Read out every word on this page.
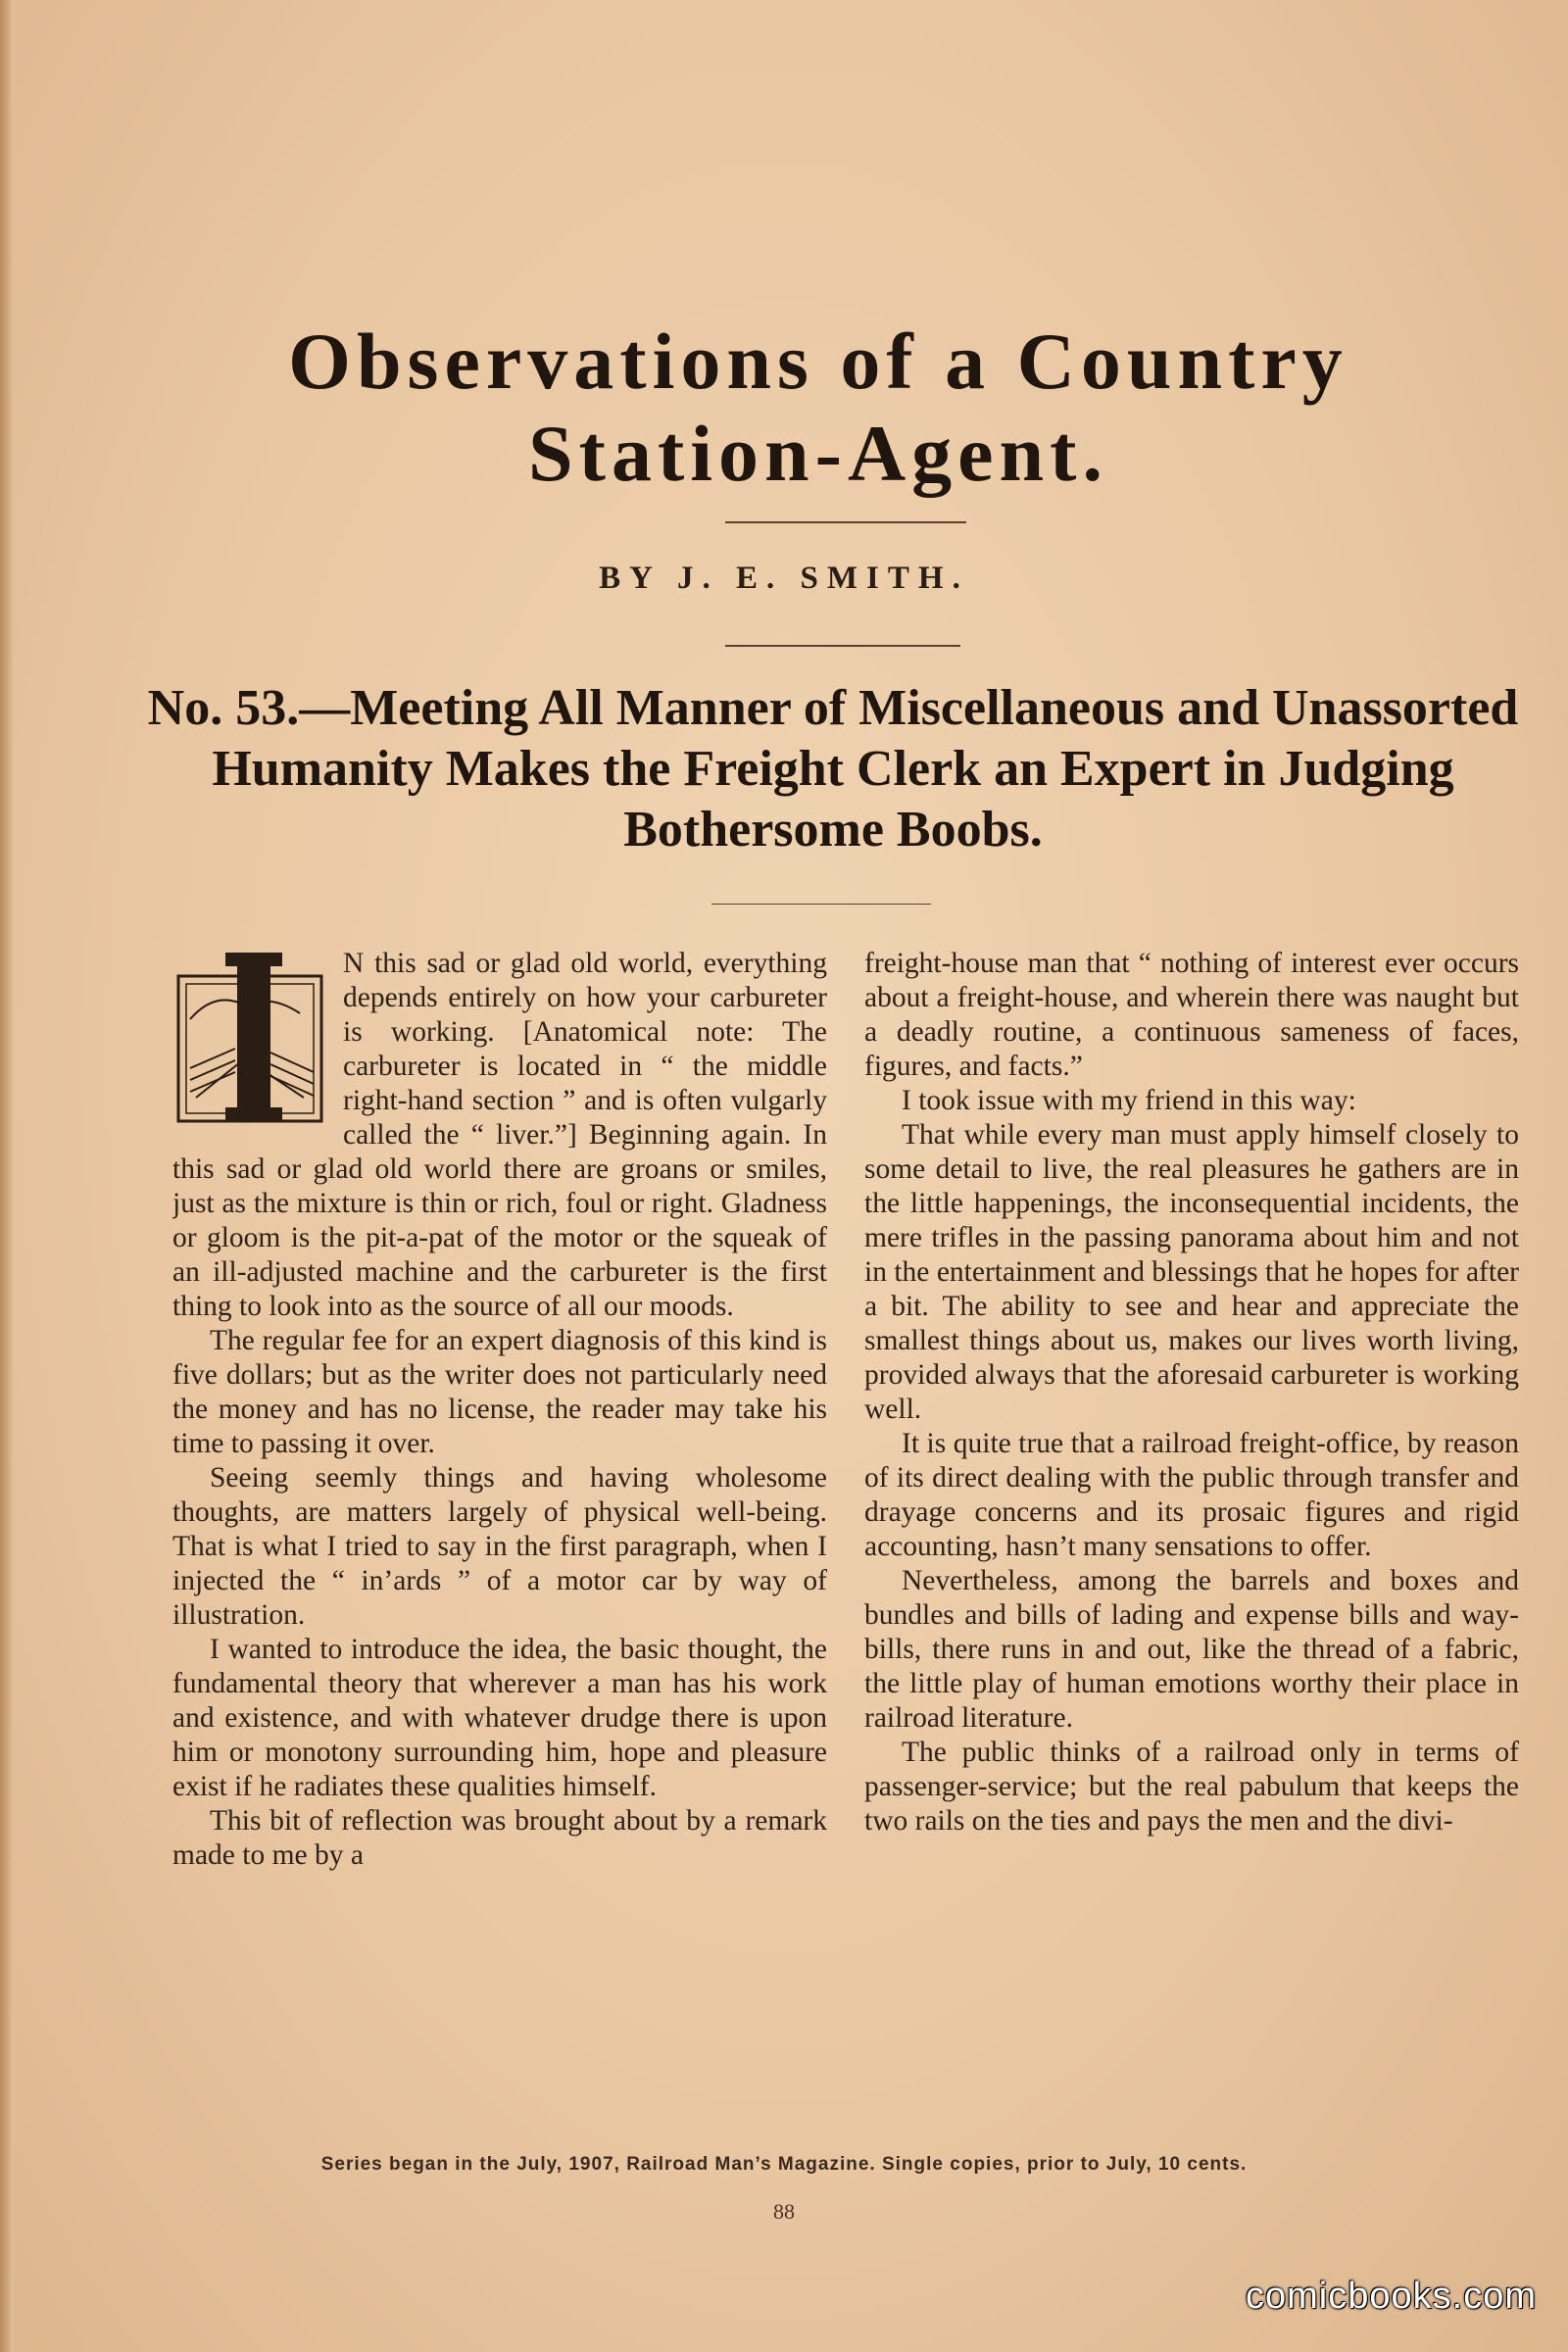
Observations of a Country Station-Agent.
BY J. E. SMITH.
No. 53.—Meeting All Manner of Miscellaneous and Unassorted Humanity Makes the Freight Clerk an Expert in Judging Bothersome Boobs.
I

N this sad or glad old world, everything depends entirely on how your carbureter is working. [Anatomical note: The carbureter is located in “ the middle right-hand section ” and is often vulgarly called the “ liver.”] Beginning again. In this sad or glad old world there are groans or smiles, just as the mixture is thin or rich, foul or right. Gladness or gloom is the pit-a-pat of the motor or the squeak of an ill-adjusted machine and the carbureter is the first thing to look into as the source of all our moods.

The regular fee for an expert diagnosis of this kind is five dollars; but as the writer does not particularly need the money and has no license, the reader may take his time to passing it over.

Seeing seemly things and having wholesome thoughts, are matters largely of physical well-being. That is what I tried to say in the first paragraph, when I injected the “ in’ards ” of a motor car by way of illustration.

I wanted to introduce the idea, the basic thought, the fundamental theory that wherever a man has his work and existence, and with whatever drudge there is upon him or monotony surrounding him, hope and pleasure exist if he radiates these qualities himself.

This bit of reflection was brought about by a remark made to me by a

freight-house man that “ nothing of interest ever occurs about a freight-house, and wherein there was naught but a deadly routine, a continuous sameness of faces, figures, and facts.”

I took issue with my friend in this way:

That while every man must apply himself closely to some detail to live, the real pleasures he gathers are in the little happenings, the inconsequential incidents, the mere trifles in the passing panorama about him and not in the entertainment and blessings that he hopes for after a bit. The ability to see and hear and appreciate the smallest things about us, makes our lives worth living, provided always that the aforesaid carbureter is working well.

It is quite true that a railroad freight-office, by reason of its direct dealing with the public through transfer and drayage concerns and its prosaic figures and rigid accounting, hasn’t many sensations to offer.

Nevertheless, among the barrels and boxes and bundles and bills of lading and expense bills and way-bills, there runs in and out, like the thread of a fabric, the little play of human emotions worthy their place in railroad literature.

The public thinks of a railroad only in terms of passenger-service; but the real pabulum that keeps the two rails on the ties and pays the men and the divi-

Series began in the July, 1907, Railroad Man’s Magazine. Single copies, prior to July, 10 cents.
88
comicbooks.com
